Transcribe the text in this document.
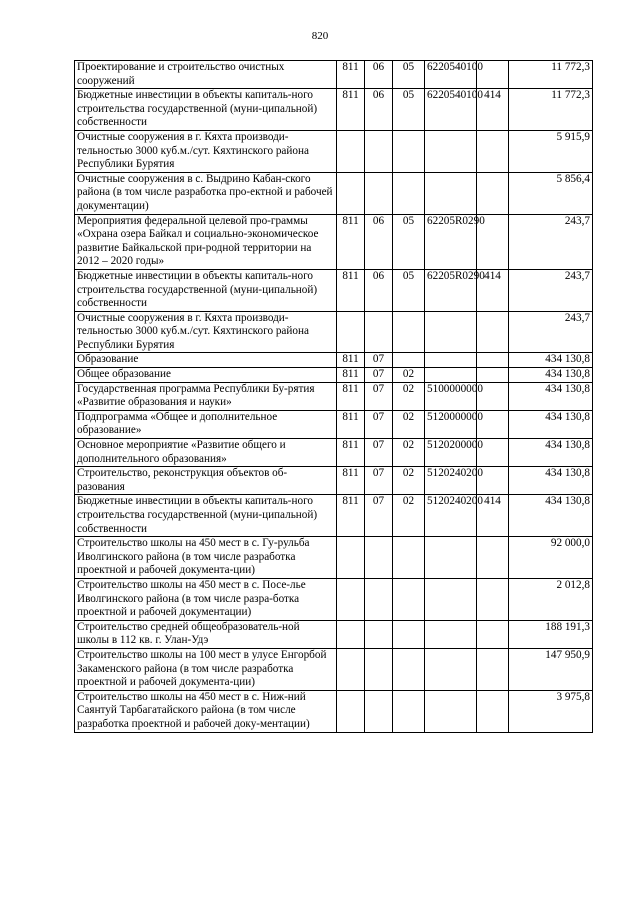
820
Проектирование и строительство очистных сооружений	811	06	05	6220540100		11 772,3
Бюджетные инвестиции в объекты капиталь-ного строительства государственной (муни-ципальной) собственности	811	06	05	6220540100	414	11 772,3
Очистные сооружения в г. Кяхта производи-тельностью 3000 куб.м./сут. Кяхтинского района Республики Бурятия						5 915,9
Очистные сооружения в с. Выдрино Кабан-ского района (в том числе разработка про-ектной и рабочей документации)						5 856,4
Мероприятия федеральной целевой про-граммы «Охрана озера Байкал и социально-экономическое развитие Байкальской при-родной территории на 2012 – 2020 годы»	811	06	05	62205R0290		243,7
Бюджетные инвестиции в объекты капиталь-ного строительства государственной (муни-ципальной) собственности	811	06	05	62205R0290	414	243,7
Очистные сооружения в г. Кяхта производи-тельностью 3000 куб.м./сут. Кяхтинского района Республики Бурятия						243,7
Образование	811	07				434 130,8
Общее образование	811	07	02			434 130,8
Государственная программа Республики Бу-рятия «Развитие образования и науки»	811	07	02	5100000000		434 130,8
Подпрограмма «Общее и дополнительное образование»	811	07	02	5120000000		434 130,8
Основное мероприятие «Развитие общего и дополнительного образования»	811	07	02	5120200000		434 130,8
Строительство, реконструкция объектов об-разования	811	07	02	5120240200		434 130,8
Бюджетные инвестиции в объекты капиталь-ного строительства государственной (муни-ципальной) собственности	811	07	02	5120240200	414	434 130,8
Строительство школы на 450 мест в с. Гу-рульба Иволгинского района (в том числе разработка проектной и рабочей документа-ции)						92 000,0
Строительство школы на 450 мест в с. Посе-лье Иволгинского района (в том числе разра-ботка проектной и рабочей документации)						2 012,8
Строительство средней общеобразователь-ной школы в 112 кв. г. Улан-Удэ						188 191,3
Строительство школы на 100 мест в улусе Енгорбой Закаменского района (в том числе разработка проектной и рабочей документа-ции)						147 950,9
Строительство школы на 450 мест в с. Ниж-ний Саянтуй Тарбагатайского района (в том числе разработка проектной и рабочей доку-ментации)						3 975,8
